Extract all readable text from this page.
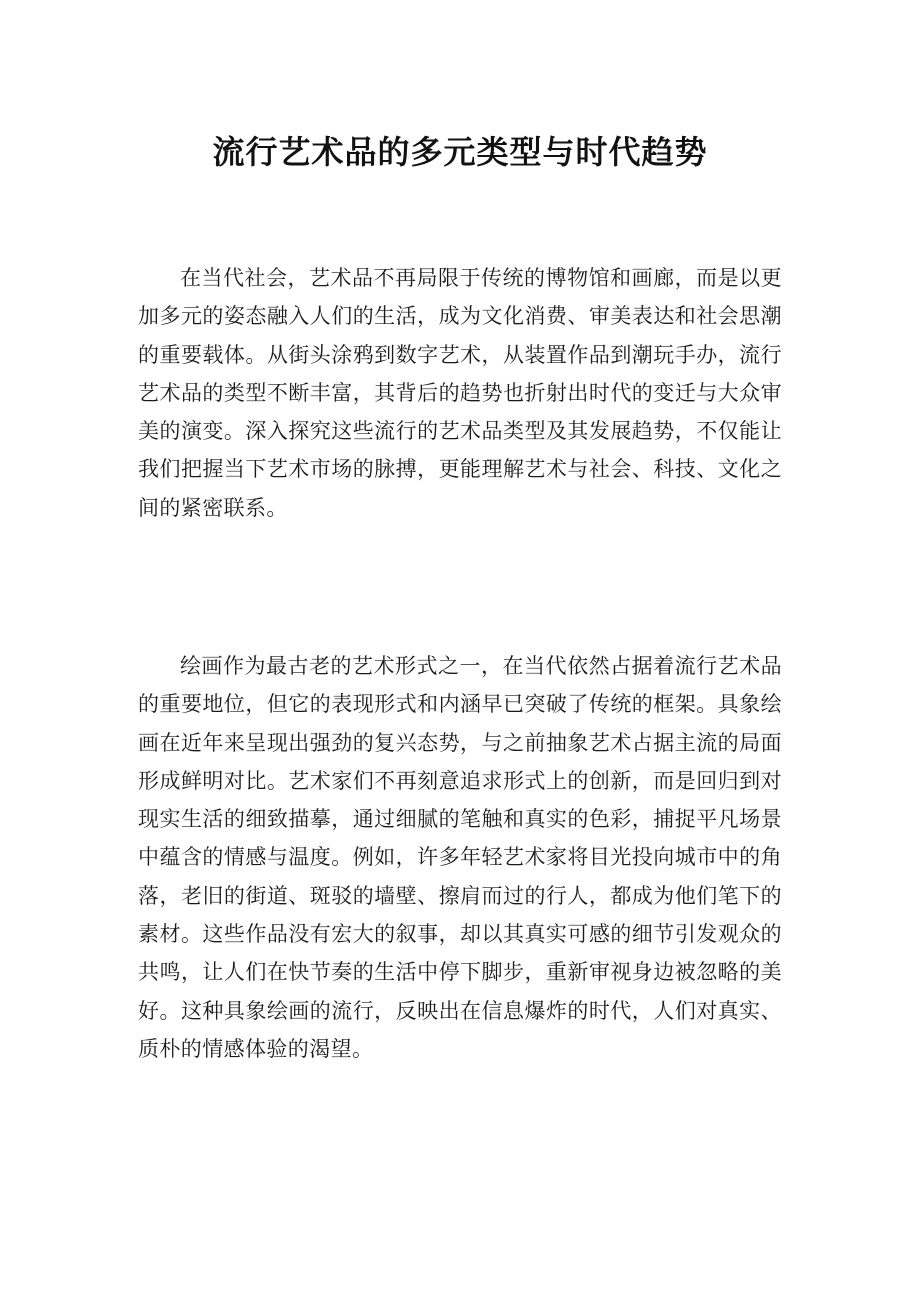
流行艺术品的多元类型与时代趋势

在当代社会，艺术品不再局限于传统的博物馆和画廊，而是以更加多元的姿态融入人们的生活，成为文化消费、审美表达和社会思潮的重要载体。从街头涂鸦到数字艺术，从装置作品到潮玩手办，流行艺术品的类型不断丰富，其背后的趋势也折射出时代的变迁与大众审美的演变。深入探究这些流行的艺术品类型及其发展趋势，不仅能让我们把握当下艺术市场的脉搏，更能理解艺术与社会、科技、文化之间的紧密联系。

绘画作为最古老的艺术形式之一，在当代依然占据着流行艺术品的重要地位，但它的表现形式和内涵早已突破了传统的框架。具象绘画在近年来呈现出强劲的复兴态势，与之前抽象艺术占据主流的局面形成鲜明对比。艺术家们不再刻意追求形式上的创新，而是回归到对现实生活的细致描摹，通过细腻的笔触和真实的色彩，捕捉平凡场景中蕴含的情感与温度。例如，许多年轻艺术家将目光投向城市中的角落，老旧的街道、斑驳的墙壁、擦肩而过的行人，都成为他们笔下的素材。这些作品没有宏大的叙事，却以其真实可感的细节引发观众的共鸣，让人们在快节奏的生活中停下脚步，重新审视身边被忽略的美好。这种具象绘画的流行，反映出在信息爆炸的时代，人们对真实、质朴的情感体验的渴望。
